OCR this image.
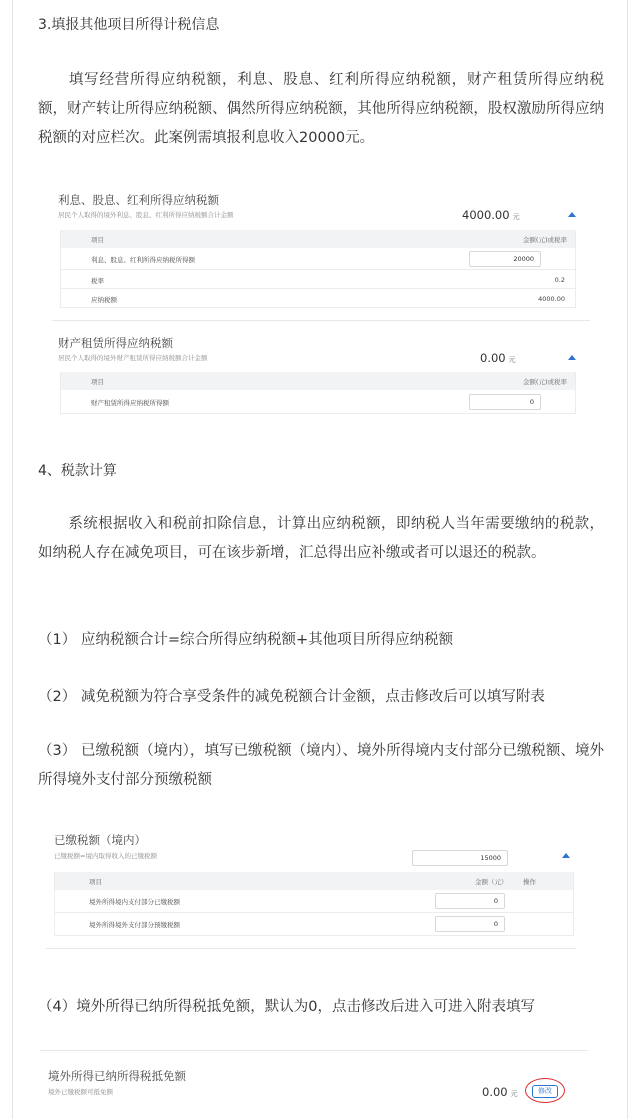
3.填报其他项目所得计税信息
填写经营所得应纳税额，利息、股息、红利所得应纳税额，财产租赁所得应纳税额，财产转让所得应纳税额、偶然所得应纳税额，其他所得应纳税额，股权激励所得应纳税额的对应栏次。此案例需填报利息收入20000元。
利息、股息、红利所得应纳税额
居民个人取得的境外利息、股息、红利所得应纳税额合计金额	4000.00 元
项目	金额(元)或税率
利息、股息、红利所得应纳税所得额	20000
税率	0.2
应纳税额	4000.00
财产租赁所得应纳税额
居民个人取得的境外财产租赁所得应纳税额合计金额	0.00 元
项目	金额(元)或税率
财产租赁所得应纳税所得额	0
4、税款计算
系统根据收入和税前扣除信息，计算出应纳税额，即纳税人当年需要缴纳的税款，如纳税人存在减免项目，可在该步新增，汇总得出应补缴或者可以退还的税款。
（1） 应纳税额合计=综合所得应纳税额+其他项目所得应纳税额
（2） 减免税额为符合享受条件的减免税额合计金额，点击修改后可以填写附表
（3） 已缴税额（境内），填写已缴税额（境内）、境外所得境内支付部分已缴税额、境外所得境外支付部分预缴税额
已缴税额（境内）
已缴税额=境内取得收入的已缴税额	15000
项目	金额（元） 操作
境外所得境内支付部分已缴税额	0
境外所得境外支付部分预缴税额	0
（4）境外所得已纳所得税抵免额，默认为0，点击修改后进入可进入附表填写
境外所得已纳所得税抵免额
境外已缴税额可抵免额	0.00 元	修改
